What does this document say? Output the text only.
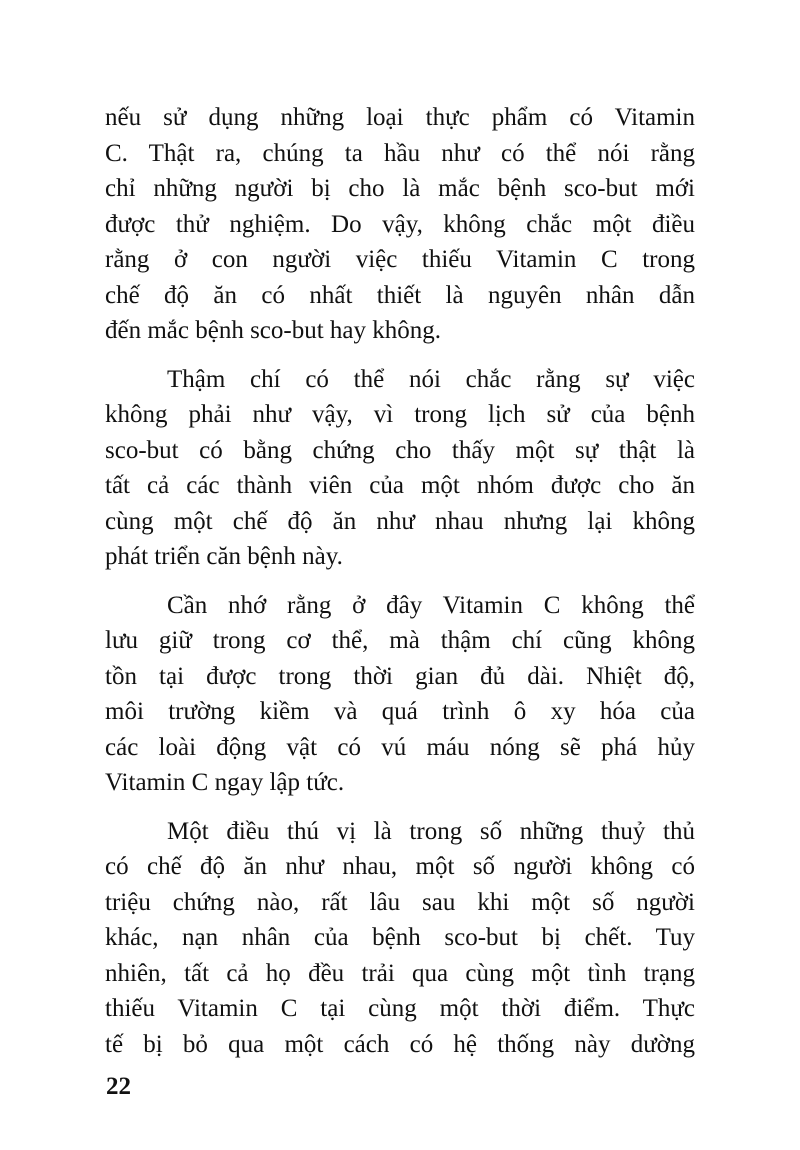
nếu sử dụng những loại thực phẩm có Vitamin
C. Thật ra, chúng ta hầu như có thể nói rằng
chỉ những người bị cho là mắc bệnh sco-but mới
được thử nghiệm. Do vậy, không chắc một điều
rằng ở con người việc thiếu Vitamin C trong
chế độ ăn có nhất thiết là nguyên nhân dẫn
đến mắc bệnh sco-but hay không.
Thậm chí có thể nói chắc rằng sự việc
không phải như vậy, vì trong lịch sử của bệnh
sco-but có bằng chứng cho thấy một sự thật là
tất cả các thành viên của một nhóm được cho ăn
cùng một chế độ ăn như nhau nhưng lại không
phát triển căn bệnh này.
Cần nhớ rằng ở đây Vitamin C không thể
lưu giữ trong cơ thể, mà thậm chí cũng không
tồn tại được trong thời gian đủ dài. Nhiệt độ,
môi trường kiềm và quá trình ô xy hóa của
các loài động vật có vú máu nóng sẽ phá hủy
Vitamin C ngay lập tức.
Một điều thú vị là trong số những thuỷ thủ
có chế độ ăn như nhau, một số người không có
triệu chứng nào, rất lâu sau khi một số người
khác, nạn nhân của bệnh sco-but bị chết. Tuy
nhiên, tất cả họ đều trải qua cùng một tình trạng
thiếu Vitamin C tại cùng một thời điểm. Thực
tế bị bỏ qua một cách có hệ thống này dường
22
